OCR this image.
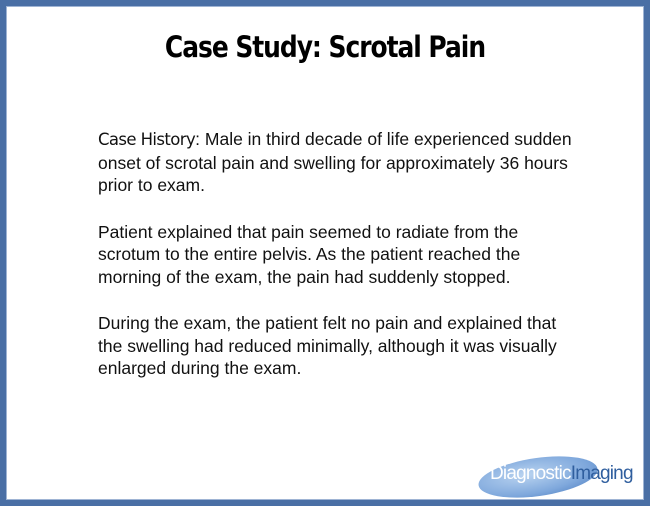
Case Study: Scrotal Pain

Case History: Male in third decade of life experienced sudden onset of scrotal pain and swelling for approximately 36 hours prior to exam.

Patient explained that pain seemed to radiate from the scrotum to the entire pelvis. As the patient reached the morning of the exam, the pain had suddenly stopped.

During the exam, the patient felt no pain and explained that the swelling had reduced minimally, although it was visually enlarged during the exam.

DiagnosticImaging
